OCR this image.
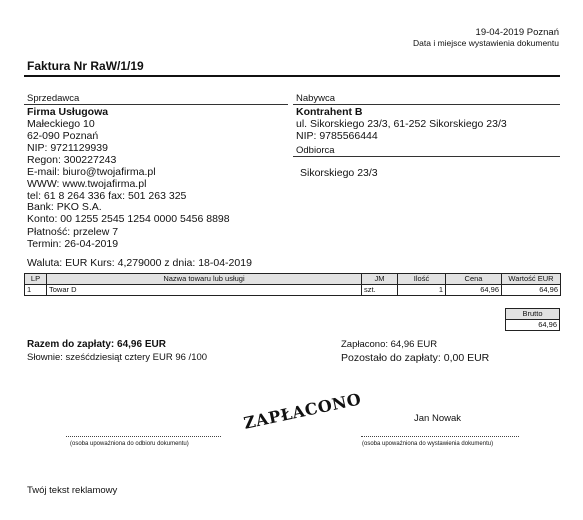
19-04-2019 Poznań
Data i miejsce wystawienia dokumentu
Faktura Nr RaW/1/19
Sprzedawca
Firma Usługowa
Małeckiego 10
62-090 Poznań
NIP: 9721129939
Regon: 300227243
E-mail: biuro@twojafirma.pl
WWW: www.twojafirma.pl
tel: 61 8 264 336 fax: 501 263 325
Bank: PKO S.A.
Konto: 00 1255 2545 1254 0000 5456 8898
Płatność: przelew 7
Termin: 26-04-2019
Waluta: EUR Kurs: 4,279000 z dnia: 18-04-2019
Nabywca
Kontrahent B
ul. Sikorskiego 23/3, 61-252 Sikorskiego 23/3
NIP: 9785566444
Odbiorca
Sikorskiego 23/3
LP	Nazwa towaru lub usługi	JM	Ilość	Cena	Wartość EUR
1	Towar D	szt.	1	64,96	64,96
Brutto
64,96
Razem do zapłaty: 64,96 EUR
Słownie: sześćdziesiąt cztery EUR 96 /100
Zapłacono: 64,96 EUR
Pozostało do zapłaty: 0,00 EUR
Jan Nowak
ZAPŁACONO
(osoba upoważniona do odbioru dokumentu)	(osoba upoważniona do wystawienia dokumentu)
Twój tekst reklamowy
